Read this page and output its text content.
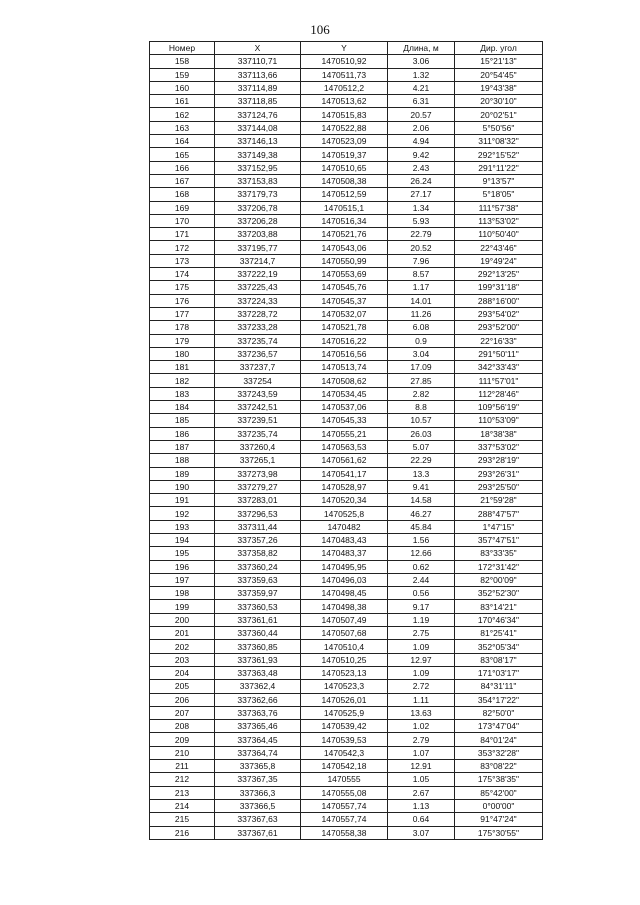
106
Номер	X	Y	Длина, м	Дир. угол
158	337110,71	1470510,92	3.06	15°21'13"
159	337113,66	1470511,73	1.32	20°54'45"
160	337114,89	1470512,2	4.21	19°43'38"
161	337118,85	1470513,62	6.31	20°30'10"
162	337124,76	1470515,83	20.57	20°02'51"
163	337144,08	1470522,88	2.06	5°50'56"
164	337146,13	1470523,09	4.94	311°08'32"
165	337149,38	1470519,37	9.42	292°15'52"
166	337152,95	1470510,65	2.43	291°11'22"
167	337153,83	1470508,38	26.24	9°13'57"
168	337179,73	1470512,59	27.17	5°18'05"
169	337206,78	1470515,1	1.34	111°57'38"
170	337206,28	1470516,34	5.93	113°53'02"
171	337203,88	1470521,76	22.79	110°50'40"
172	337195,77	1470543,06	20.52	22°43'46"
173	337214,7	1470550,99	7.96	19°49'24"
174	337222,19	1470553,69	8.57	292°13'25"
175	337225,43	1470545,76	1.17	199°31'18"
176	337224,33	1470545,37	14.01	288°16'00"
177	337228,72	1470532,07	11.26	293°54'02"
178	337233,28	1470521,78	6.08	293°52'00"
179	337235,74	1470516,22	0.9	22°16'33"
180	337236,57	1470516,56	3.04	291°50'11"
181	337237,7	1470513,74	17.09	342°33'43"
182	337254	1470508,62	27.85	111°57'01"
183	337243,59	1470534,45	2.82	112°28'46"
184	337242,51	1470537,06	8.8	109°56'19"
185	337239,51	1470545,33	10.57	110°53'09"
186	337235,74	1470555,21	26.03	18°38'38"
187	337260,4	1470563,53	5.07	337°53'02"
188	337265,1	1470561,62	22.29	293°28'19"
189	337273,98	1470541,17	13.3	293°26'31"
190	337279,27	1470528,97	9.41	293°25'50"
191	337283,01	1470520,34	14.58	21°59'28"
192	337296,53	1470525,8	46.27	288°47'57"
193	337311,44	1470482	45.84	1°47'15"
194	337357,26	1470483,43	1.56	357°47'51"
195	337358,82	1470483,37	12.66	83°33'35"
196	337360,24	1470495,95	0.62	172°31'42"
197	337359,63	1470496,03	2.44	82°00'09"
198	337359,97	1470498,45	0.56	352°52'30"
199	337360,53	1470498,38	9.17	83°14'21"
200	337361,61	1470507,49	1.19	170°46'34"
201	337360,44	1470507,68	2.75	81°25'41"
202	337360,85	1470510,4	1.09	352°05'34"
203	337361,93	1470510,25	12.97	83°08'17"
204	337363,48	1470523,13	1.09	171°03'17"
205	337362,4	1470523,3	2.72	84°31'11"
206	337362,66	1470526,01	1.11	354°17'22"
207	337363,76	1470525,9	13.63	82°50'0"
208	337365,46	1470539,42	1.02	173°47'04"
209	337364,45	1470539,53	2.79	84°01'24"
210	337364,74	1470542,3	1.07	353°32'28"
211	337365,8	1470542,18	12.91	83°08'22"
212	337367,35	1470555	1.05	175°38'35"
213	337366,3	1470555,08	2.67	85°42'00"
214	337366,5	1470557,74	1.13	0°00'00"
215	337367,63	1470557,74	0.64	91°47'24"
216	337367,61	1470558,38	3.07	175°30'55"
